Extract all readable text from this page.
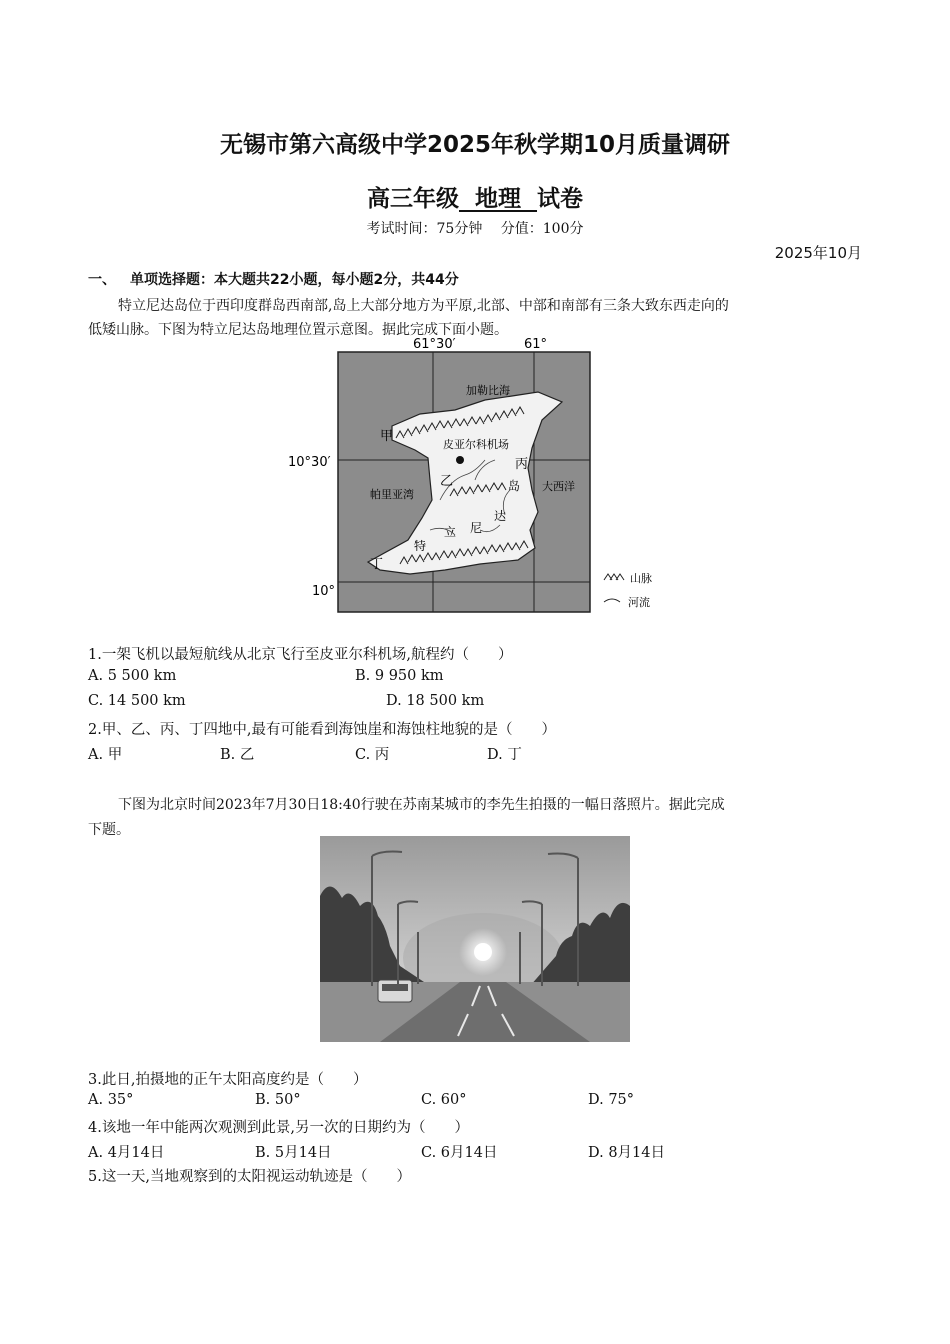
无锡市第六高级中学2025年秋学期10月质量调研
高三年级 地理 试卷
考试时间：75分钟　 分值：100分
2025年10月
一、 单项选择题：本大题共22小题，每小题2分，共44分
特立尼达岛位于西印度群岛西南部,岛上大部分地方为平原,北部、中部和南部有三条大致东西走向的
低矮山脉。下图为特立尼达岛地理位置示意图。据此完成下面小题。
61°30′	61°
10°30′
10°
加勒比海
皮亚尔科机场
大西洋
帕里亚湾
甲
乙
丙
丁
岛
达
尼
立
特
山脉
河流
1.一架飞机以最短航线从北京飞行至皮亚尔科机场,航程约（　　）
A. 5 500 km	B. 9 950 km
C. 14 500 km	D. 18 500 km
2.甲、乙、丙、丁四地中,最有可能看到海蚀崖和海蚀柱地貌的是（　　）
A. 甲	B. 乙	C. 丙	D. 丁
下图为北京时间2023年7月30日18:40行驶在苏南某城市的李先生拍摄的一幅日落照片。据此完成
下题。
3.此日,拍摄地的正午太阳高度约是（　　）
A. 35°	B. 50°	C. 60°	D. 75°
4.该地一年中能两次观测到此景,另一次的日期约为（　　）
A. 4月14日	B. 5月14日	C. 6月14日	D. 8月14日
5.这一天,当地观察到的太阳视运动轨迹是（　　）
